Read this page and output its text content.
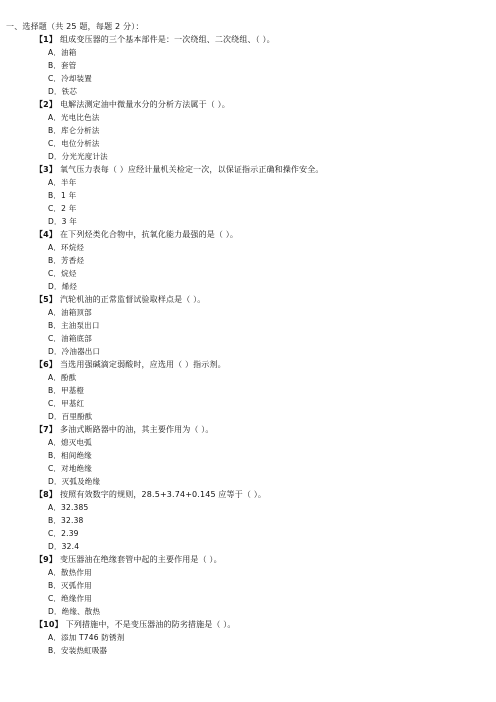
一、选择题（共 25 题，每题 2 分）：
【1】 组成变压器的三个基本部件是：一次绕组、二次绕组、（ ）。
A．油箱
B．套管
C．冷却装置
D．铁芯
【2】 电解法测定油中微量水分的分析方法属于（ ）。
A．光电比色法
B．库仑分析法
C．电位分析法
D．分光光度计法
【3】 氧气压力表每（ ）应经计量机关检定一次，以保证指示正确和操作安全。
A．半年
B．1 年
C．2 年
D．3 年
【4】 在下列烃类化合物中，抗氧化能力最强的是（ ）。
A．环烷烃
B．芳香烃
C．烷烃
D．烯烃
【5】 汽轮机油的正常监督试验取样点是（ ）。
A．油箱顶部
B．主油泵出口
C．油箱底部
D．冷油器出口
【6】 当选用强碱滴定弱酸时，应选用（ ）指示剂。
A．酚酞
B．甲基橙
C．甲基红
D．百里酚酞
【7】 多油式断路器中的油，其主要作用为（ ）。
A．熄灭电弧
B．相间绝缘
C．对地绝缘
D．灭弧及绝缘
【8】 按照有效数字的规则，28.5+3.74+0.145 应等于（ ）。
A．32.385
B．32.38
C．2.39
D．32.4
【9】 变压器油在绝缘套管中起的主要作用是（ ）。
A．散热作用
B．灭弧作用
C．绝缘作用
D．绝缘、散热
【10】 下列措施中，不是变压器油的防劣措施是（ ）。
A．添加 T746 防锈剂
B．安装热虹吸器
